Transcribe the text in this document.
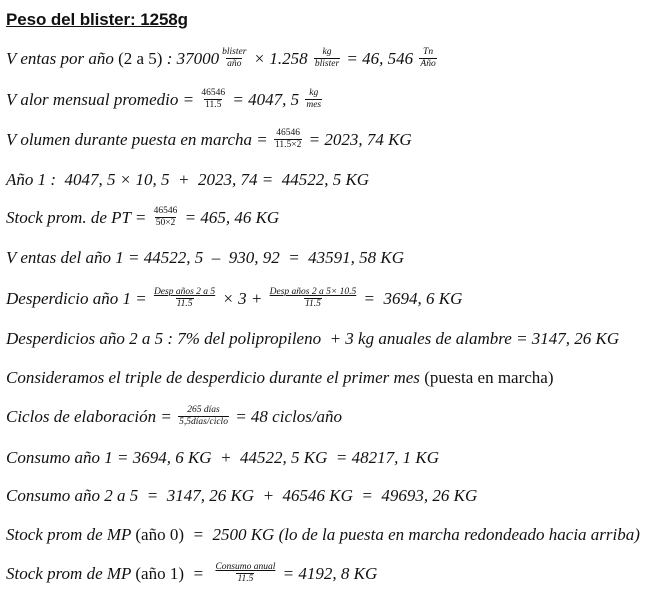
Peso del blister: 1258g
V entas por año (2 a 5) : $37000 \frac{\text{blister}}{\text{año}} \times 1.258 \frac{kg}{\text{blister}} = 46$, $546 \frac{Tn}{\text{Año}}$
V alor mensual promedio = $\frac{46546}{11.5} = 4047$, $5 \frac{kg}{\text{mes}}$
V olumen durante puesta en marcha = $\frac{46546}{11.5\times 2} = 2023$, 74 KG
Año 1 :  4047, 5 × 10, 5  +  2023, 74 =  44522, 5 KG
Stock prom. de PT = $\frac{46546}{50\times 2} = 465$, 46 KG
V entas del año 1 = 44522, 5  –  930, 92  =  43591, 58 KG
Desperdicio año $1 = \frac{\text{Desp años 2 a 5}}{11.5} \times 3 + \frac{\text{Desp años 2 a 5× 10.5}}{11.5} = 3694$, 6 KG
Desperdicios año 2 a 5 : 7% del polipropileno  + 3 kg anuales de alambre = 3147, 26 KG
Consideramos el triple de desperdicio durante el primer mes (puesta en marcha)
Ciclos de elaboración = $\frac{\text{265 días}}{\text{5,5días/ciclo}} = 48$ ciclos/año
Consumo año 1 = 3694, 6 KG  +  44522, 5 KG  = 48217, 1 KG
Consumo año 2 a 5  =  3147, 26 KG  +  46546 KG  =  49693, 26 KG
Stock prom de MP (año 0) =  2500 KG (lo de la puesta en marcha redondeado hacia arriba)
Stock prom de MP (año $1) = \frac{\text{Consumo anual}}{11.5} = 4192$, 8 KG
